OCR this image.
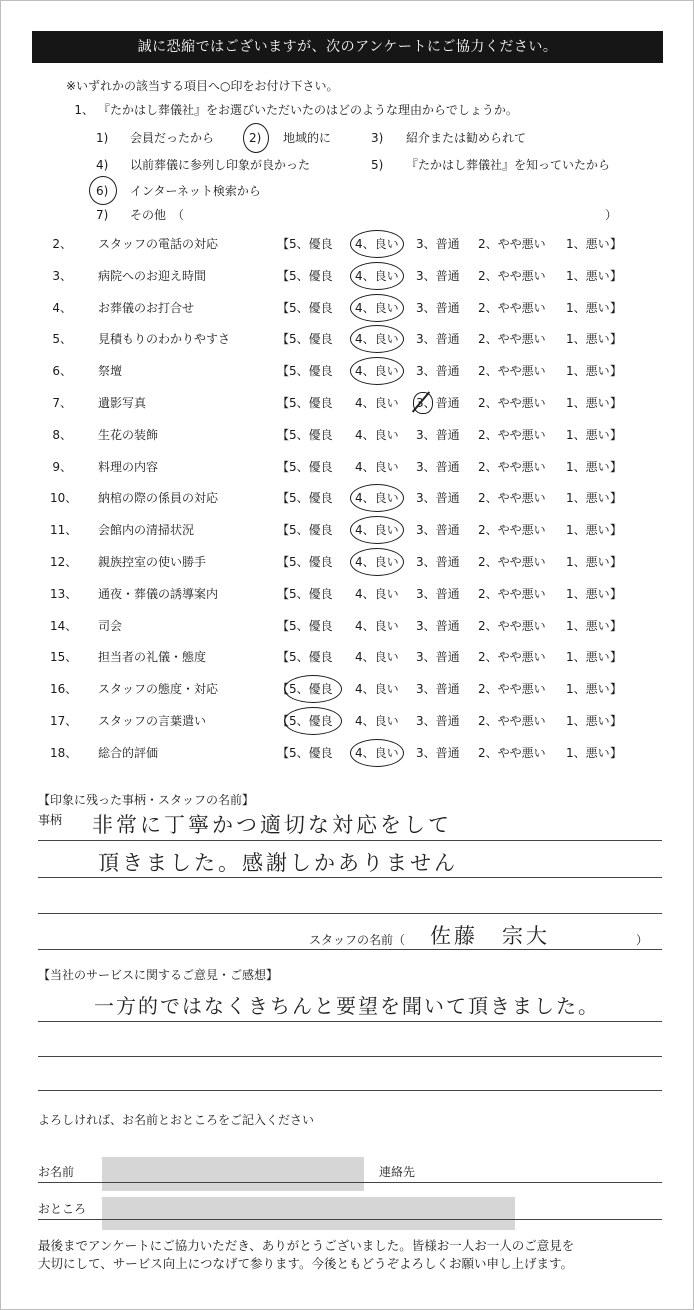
誠に恐縮ではございますが、次のアンケートにご協力ください。
※いずれかの該当する項目へ○印をお付け下さい。
1、 『たかはし葬儀社』をお選びいただいたのはどのような理由からでしょうか。
1) 会員だったから	2) 地域的に	3) 紹介または勧められて
4) 以前葬儀に参列し印象が良かった	5) 『たかはし葬儀社』を知っていたから
6) インターネット検索から
7) その他　（	）
2、 スタッフの電話の対応	【 5、優良 4、良い 3、普通 2、やや悪い 1、悪い 】
3、 病院へのお迎え時間	【 5、優良 4、良い 3、普通 2、やや悪い 1、悪い 】
4、 お葬儀のお打合せ	【 5、優良 4、良い 3、普通 2、やや悪い 1、悪い 】
5、 見積もりのわかりやすさ	【 5、優良 4、良い 3、普通 2、やや悪い 1、悪い 】
6、 祭壇	【 5、優良 4、良い 3、普通 2、やや悪い 1、悪い 】
7、 遺影写真	【 5、優良 4、良い 3、普通 2、やや悪い 1、悪い 】
8、 生花の装飾	【 5、優良 4、良い 3、普通 2、やや悪い 1、悪い 】
9、 料理の内容	【 5、優良 4、良い 3、普通 2、やや悪い 1、悪い 】
10、 納棺の際の係員の対応	【 5、優良 4、良い 3、普通 2、やや悪い 1、悪い 】
11、 会館内の清掃状況	【 5、優良 4、良い 3、普通 2、やや悪い 1、悪い 】
12、 親族控室の使い勝手	【 5、優良 4、良い 3、普通 2、やや悪い 1、悪い 】
13、 通夜・葬儀の誘導案内	【 5、優良 4、良い 3、普通 2、やや悪い 1、悪い 】
14、 司会	【 5、優良 4、良い 3、普通 2、やや悪い 1、悪い 】
15、 担当者の礼儀・態度	【 5、優良 4、良い 3、普通 2、やや悪い 1、悪い 】
16、 スタッフの態度・対応	【 5、優良 4、良い 3、普通 2、やや悪い 1、悪い 】
17、 スタッフの言葉遣い	【 5、優良 4、良い 3、普通 2、やや悪い 1、悪い 】
18、 総合的評価	【 5、優良 4、良い 3、普通 2、やや悪い 1、悪い 】
【印象に残った事柄・スタッフの名前】
事柄 非常に丁寧かつ適切な対応をして
頂きました。感謝しかありません
スタッフの名前（ 佐藤　宗大	）
【当社のサービスに関するご意見・ご感想】
一方的ではなくきちんと要望を聞いて頂きました。
よろしければ、お名前とおところをご記入ください
お名前	連絡先
おところ
最後までアンケートにご協力いただき、ありがとうございました。皆様お一人お一人のご意見を
大切にして、サービス向上につなげて参ります。今後ともどうぞよろしくお願い申し上げます。
